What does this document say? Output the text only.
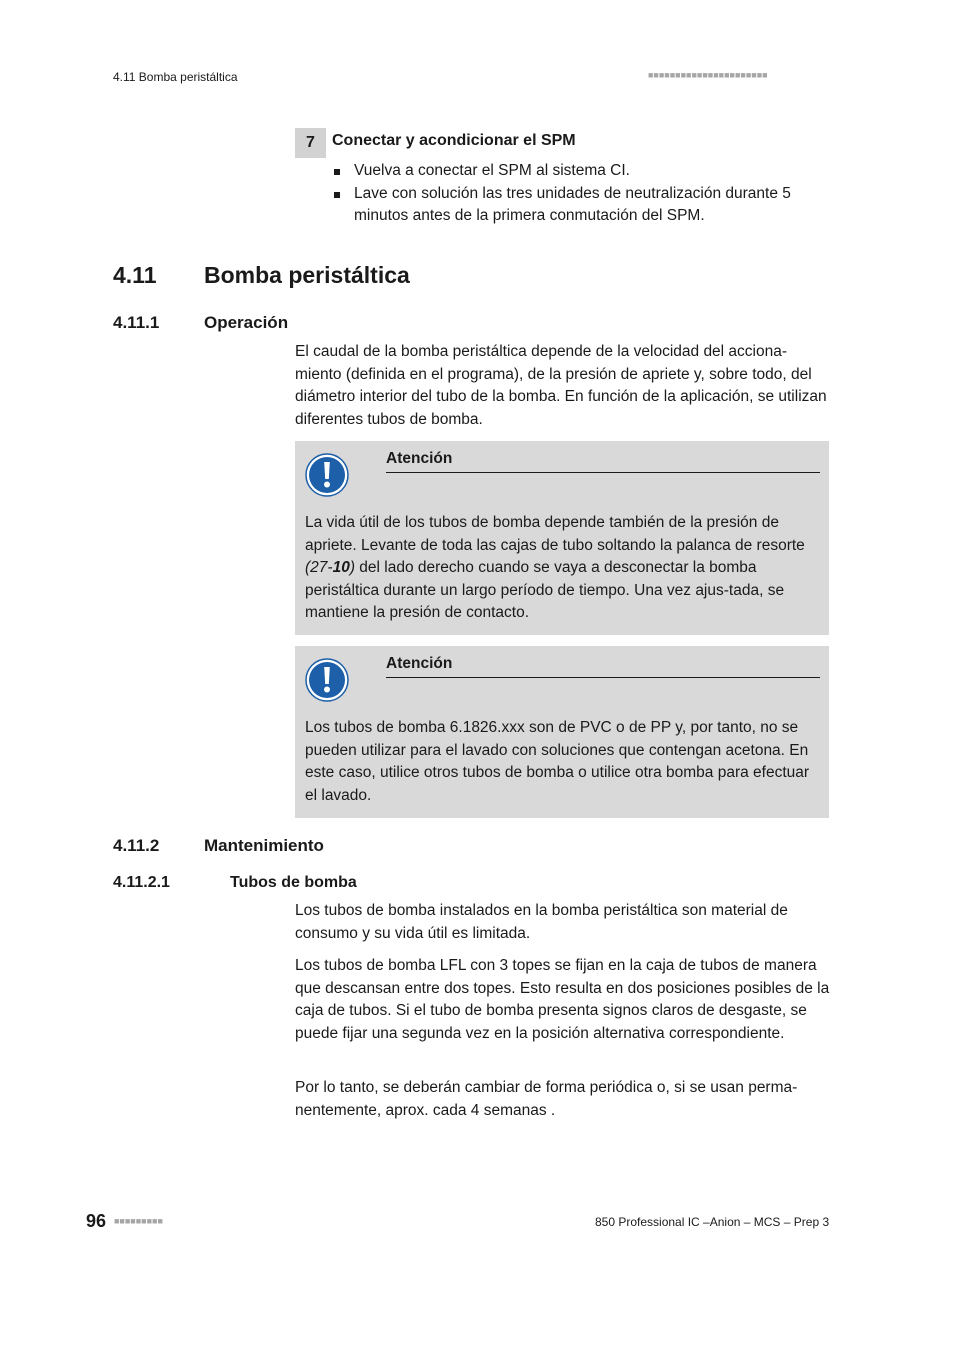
4.11 Bomba peristáltica	■■■■■■■■■■■■■■■■■■■■■■
7	Conectar y acondicionar el SPM
Vuelva a conectar el SPM al sistema CI.
Lave con solución las tres unidades de neutralización durante 5 minutos antes de la primera conmutación del SPM.
4.11 Bomba peristáltica
4.11.1	Operación

El caudal de la bomba peristáltica depende de la velocidad del acciona-miento (definida en el programa), de la presión de apriete y, sobre todo, del diámetro interior del tubo de la bomba. En función de la aplicación, se utilizan diferentes tubos de bomba.

Atención

La vida útil de los tubos de bomba depende también de la presión de apriete. Levante de toda las cajas de tubo soltando la palanca de resorte (27-10) del lado derecho cuando se vaya a desconectar la bomba peristáltica durante un largo período de tiempo. Una vez ajus-tada, se mantiene la presión de contacto.

Atención

Los tubos de bomba 6.1826.xxx son de PVC o de PP y, por tanto, no se pueden utilizar para el lavado con soluciones que contengan acetona. En este caso, utilice otros tubos de bomba o utilice otra bomba para efectuar el lavado.

4.11.2	Mantenimiento
4.11.2.1	Tubos de bomba

Los tubos de bomba instalados en la bomba peristáltica son material de consumo y su vida útil es limitada.

Los tubos de bomba LFL con 3 topes se fijan en la caja de tubos de manera que descansan entre dos topes. Esto resulta en dos posiciones posibles de la caja de tubos. Si el tubo de bomba presenta signos claros de desgaste, se puede fijar una segunda vez en la posición alternativa correspondiente.

Por lo tanto, se deberán cambiar de forma periódica o, si se usan perma-nentemente, aprox. cada 4 semanas .

96 ■■■■■■■■■	850 Professional IC –Anion – MCS – Prep 3
